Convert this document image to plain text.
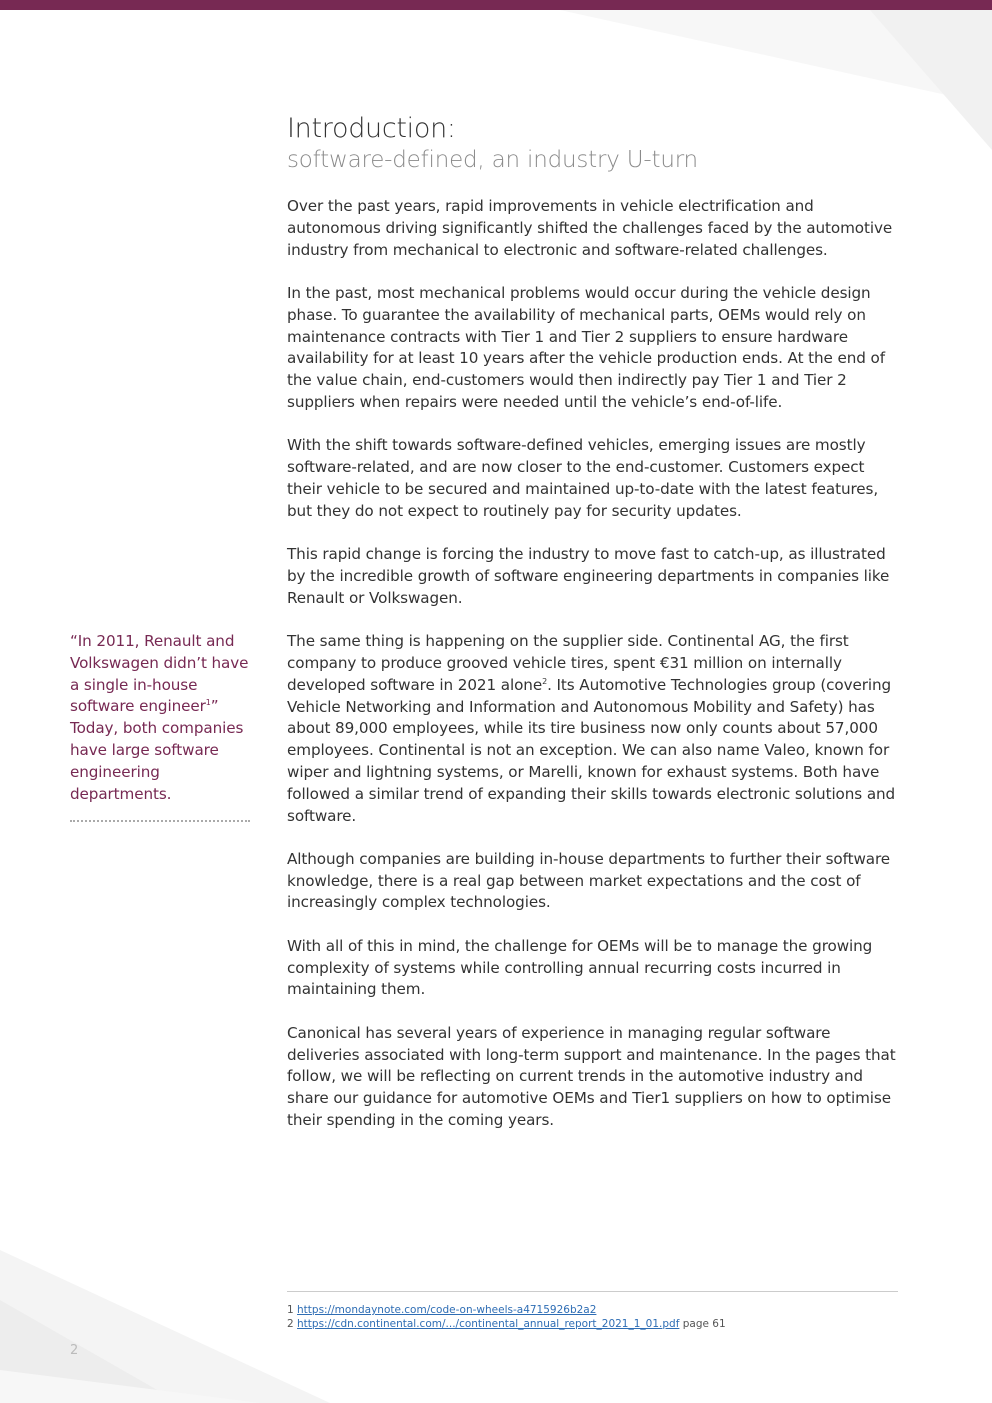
Introduction:
software-defined, an industry U-turn
“In 2011, Renault and Volkswagen didn’t have a single in-house software engineer$^1$” Today, both companies have large software engineering departments.

Over the past years, rapid improvements in vehicle electrification and autonomous driving significantly shifted the challenges faced by the automotive industry from mechanical to electronic and software-related challenges.

In the past, most mechanical problems would occur during the vehicle design phase. To guarantee the availability of mechanical parts, OEMs would rely on maintenance contracts with Tier 1 and Tier 2 suppliers to ensure hardware availability for at least 10 years after the vehicle production ends. At the end of the value chain, end-customers would then indirectly pay Tier 1 and Tier 2 suppliers when repairs were needed until the vehicle’s end-of-life.

With the shift towards software-defined vehicles, emerging issues are mostly software-related, and are now closer to the end-customer. Customers expect their vehicle to be secured and maintained up-to-date with the latest features, but they do not expect to routinely pay for security updates.

This rapid change is forcing the industry to move fast to catch-up, as illustrated by the incredible growth of software engineering departments in companies like Renault or Volkswagen.

The same thing is happening on the supplier side. Continental AG, the first company to produce grooved vehicle tires, spent €31 million on internally developed software in 2021 alone$^2$. Its Automotive Technologies group (covering Vehicle Networking and Information and Autonomous Mobility and Safety) has about 89,000 employees, while its tire business now only counts about 57,000 employees. Continental is not an exception. We can also name Valeo, known for wiper and lightning systems, or Marelli, known for exhaust systems. Both have followed a similar trend of expanding their skills towards electronic solutions and software.

Although companies are building in-house departments to further their software knowledge, there is a real gap between market expectations and the cost of increasingly complex technologies.

With all of this in mind, the challenge for OEMs will be to manage the growing complexity of systems while controlling annual recurring costs incurred in maintaining them.

Canonical has several years of experience in managing regular software deliveries associated with long-term support and maintenance. In the pages that follow, we will be reflecting on current trends in the automotive industry and share our guidance for automotive OEMs and Tier1 suppliers on how to optimise their spending in the coming years.

1 https://mondaynote.com/code-on-wheels-a4715926b2a2
2 https://cdn.continental.com/.../continental_annual_report_2021_1_01.pdf page 61
2
